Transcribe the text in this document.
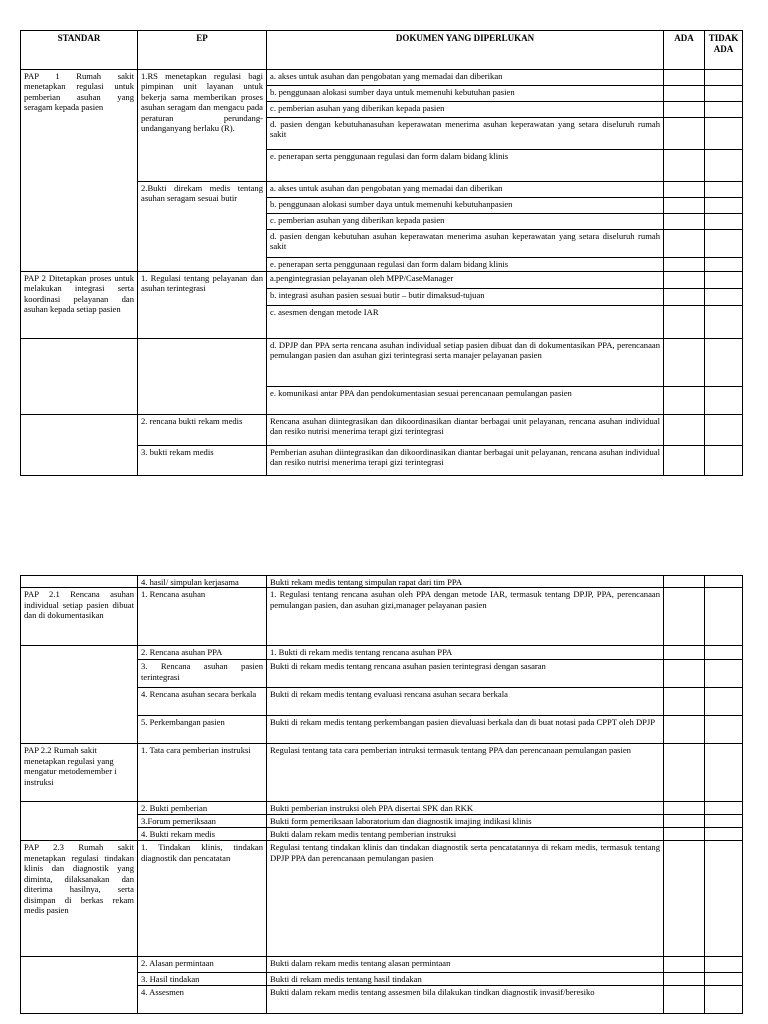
STANDAR	EP	DOKUMEN YANG DIPERLUKAN	ADA	TIDAK ADA
PAP 1 Rumah sakit menetapkan regulasi untuk pemberian asuhan yang seragam kepada pasien	1.RS menetapkan regulasi bagi pimpinan unit layanan untuk bekerja sama memberikan proses asuhan seragam dan mengacu pada peraturan perundang- undanganyang berlaku (R).	a. akses untuk asuhan dan pengobatan yang memadai dan diberikan		
		b. penggunaan alokasi sumber daya untuk memenuhi kebutuhan pasien		
		c. pemberian asuhan yang diberikan kepada pasien		
		d. pasien dengan kebutuhanasuhan keperawatan menerima asuhan keperawatan yang setara diseluruh rumah sakit		
		e. penerapan serta penggunaan regulasi dan form dalam bidang klinis		
	2.Bukti direkam medis tentang asuhan seragam sesuai butir	a. akses untuk asuhan dan pengobatan yang memadai dan diberikan		
		b. penggunaan alokasi sumber daya untuk memenuhi kebutuhanpasien		
		c. pemberian asuhan yang diberikan kepada pasien		
		d. pasien dengan kebutuhan asuhan keperawatan menerima asuhan keperawatan yang setara diseluruh rumah sakit		
		e. penerapan serta penggunaan regulasi dan form dalam bidang klinis		
PAP 2 Ditetapkan proses untuk melakukan integrasi serta koordinasi pelayanan dan asuhan kepada setiap pasien	1. Regulasi tentang pelayanan dan asuhan terintegrasi	a.pengintegrasian pelayanan oleh MPP/CaseManager		
		b. integrasi asuhan pasien sesuai butir – butir dimaksud-tujuan		
		c. asesmen dengan metode IAR		
		d. DPJP dan PPA serta rencana asuhan individual setiap pasien dibuat dan di dokumentasikan PPA, perencanaan pemulangan pasien dan asuhan gizi terintegrasi serta manajer pelayanan pasien		
		e. komunikasi antar PPA dan pendokumentasian sesuai perencanaan pemulangan pasien		
	2. rencana bukti rekam medis	Rencana asuhan diintegrasikan dan dikoordinasikan diantar berbagai unit pelayanan, rencana asuhan individual dan resiko nutrisi menerima terapi gizi terintegrasi		
	3. bukti rekam medis	Pemberian asuhan diintegrasikan dan dikoordinasikan diantar berbagai unit pelayanan, rencana asuhan individual dan resiko nutrisi menerima terapi gizi terintegrasi		
	4. hasil/ simpulan kerjasama	Bukti rekam medis tentang simpulan rapat dari tim PPA		
PAP 2.1 Rencana asuhan individual setiap pasien dibuat dan di dokumentasikan	1. Rencana asuhan	1. Regulasi tentang rencana asuhan oleh PPA dengan metode IAR, termasuk tentang DPJP, PPA, perencanaan pemulangan pasien, dan asuhan gizi,manager pelayanan pasien		
	2. Rencana asuhan PPA	1. Bukti di rekam medis tentang rencana asuhan PPA		
	3. Rencana asuhan pasien terintegrasi	Bukti di rekam medis tentang rencana asuhan pasien terintegrasi dengan sasaran		
	4. Rencana asuhan secara berkala	Bukti di rekam medis tentang evaluasi rencana asuhan secara berkala		
	5. Perkembangan pasien	Bukti di rekam medis tentang perkembangan pasien dievaluasi berkala dan di buat notasi pada CPPT oleh DPJP		
PAP 2.2 Rumah sakit menetapkan regulasi yang mengatur metodemember i instruksi	1. Tata cara pemberian instruksi	Regulasi tentang tata cara pemberian intruksi termasuk tentang PPA dan perencanaan pemulangan pasien		
	2. Bukti pemberian	Bukti pemberian instruksi oleh PPA disertai SPK dan RKK		
	3.Forum pemeriksaan	Bukti form pemeriksaan laboratorium dan diagnostik imajing indikasi klinis		
	4. Bukti rekam medis	Bukti dalam rekam medis tentang pemberian instruksi		
PAP 2.3 Rumah sakit menetapkan regulasi tindakan klinis dan diagnostik yang diminta, dilaksanakan dan diterima hasilnya, serta disimpan di berkas rekam medis pasien	1. Tindakan klinis, tindakan diagnostik dan pencatatan	Regulasi tentang tindakan klinis dan tindakan diagnostik serta pencatatannya di rekam medis, termasuk tentang DPJP PPA dan perencanaan pemulangan pasien		
	2. Alasan permintaan	Bukti dalam rekam medis tentang alasan permintaan		
	3. Hasil tindakan	Bukti di rekam medis tentang hasil tindakan		
	4. Assesmen	Bukti dalam rekam medis tentang assesmen bila dilakukan tindkan diagnostik invasif/beresiko		
